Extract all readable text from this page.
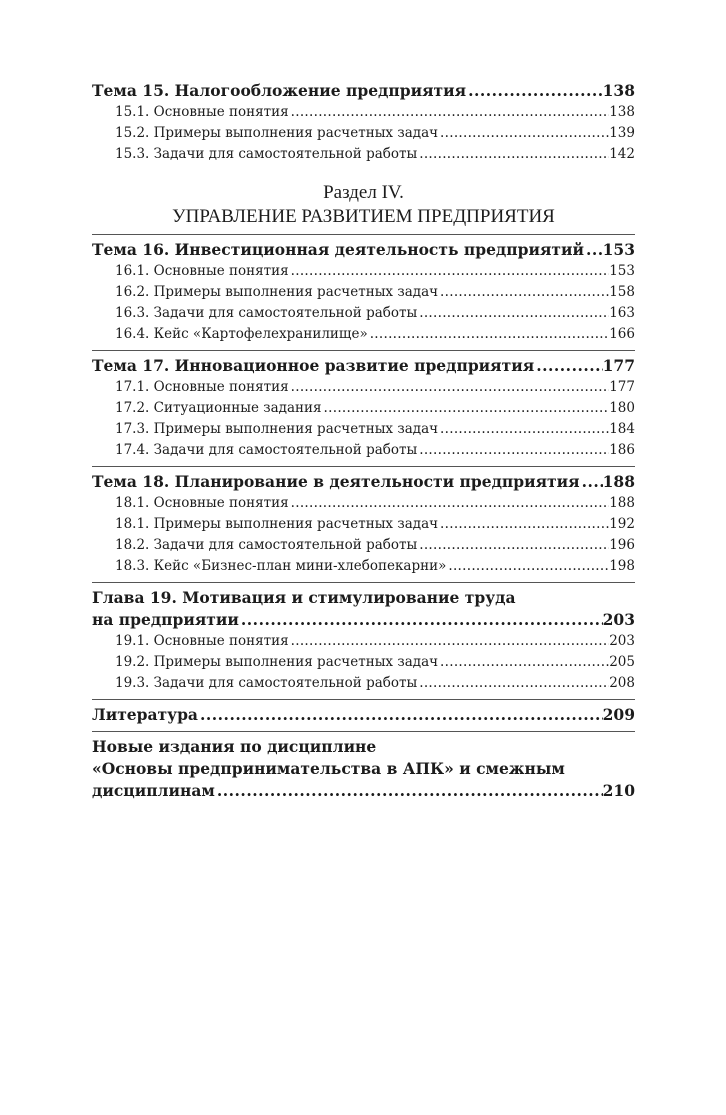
Тема 15. Налогообложение предприятия .....	138
15.1. Основные понятия .....	138
15.2. Примеры выполнения расчетных задач .....	139
15.3. Задачи для самостоятельной работы .....	142
Раздел IV.
УПРАВЛЕНИЕ РАЗВИТИЕМ ПРЕДПРИЯТИЯ
Тема 16. Инвестиционная деятельность предприятий ..... 153
16.1. Основные понятия .....	153
16.2. Примеры выполнения расчетных задач .....	158
16.3. Задачи для самостоятельной работы .....	163
16.4. Кейс «Картофелехранилище» .....	166
Тема 17. Инновационное развитие предприятия .....	177
17.1. Основные понятия .....	177
17.2. Ситуационные задания .....	180
17.3. Примеры выполнения расчетных задач .....	184
17.4. Задачи для самостоятельной работы .....	186
Тема 18. Планирование в деятельности предприятия ..... 188
18.1. Основные понятия .....	188
18.1. Примеры выполнения расчетных задач .....	192
18.2. Задачи для самостоятельной работы .....	196
18.3. Кейс «Бизнес-план мини-хлебопекарни» .....	198
Глава 19. Мотивация и стимулирование труда
на предприятии .....	203
19.1. Основные понятия .....	203
19.2. Примеры выполнения расчетных задач .....	205
19.3. Задачи для самостоятельной работы .....	208
Литература .....	209
Новые издания по дисциплине
«Основы предпринимательства в АПК» и смежным
дисциплинам .....	210
